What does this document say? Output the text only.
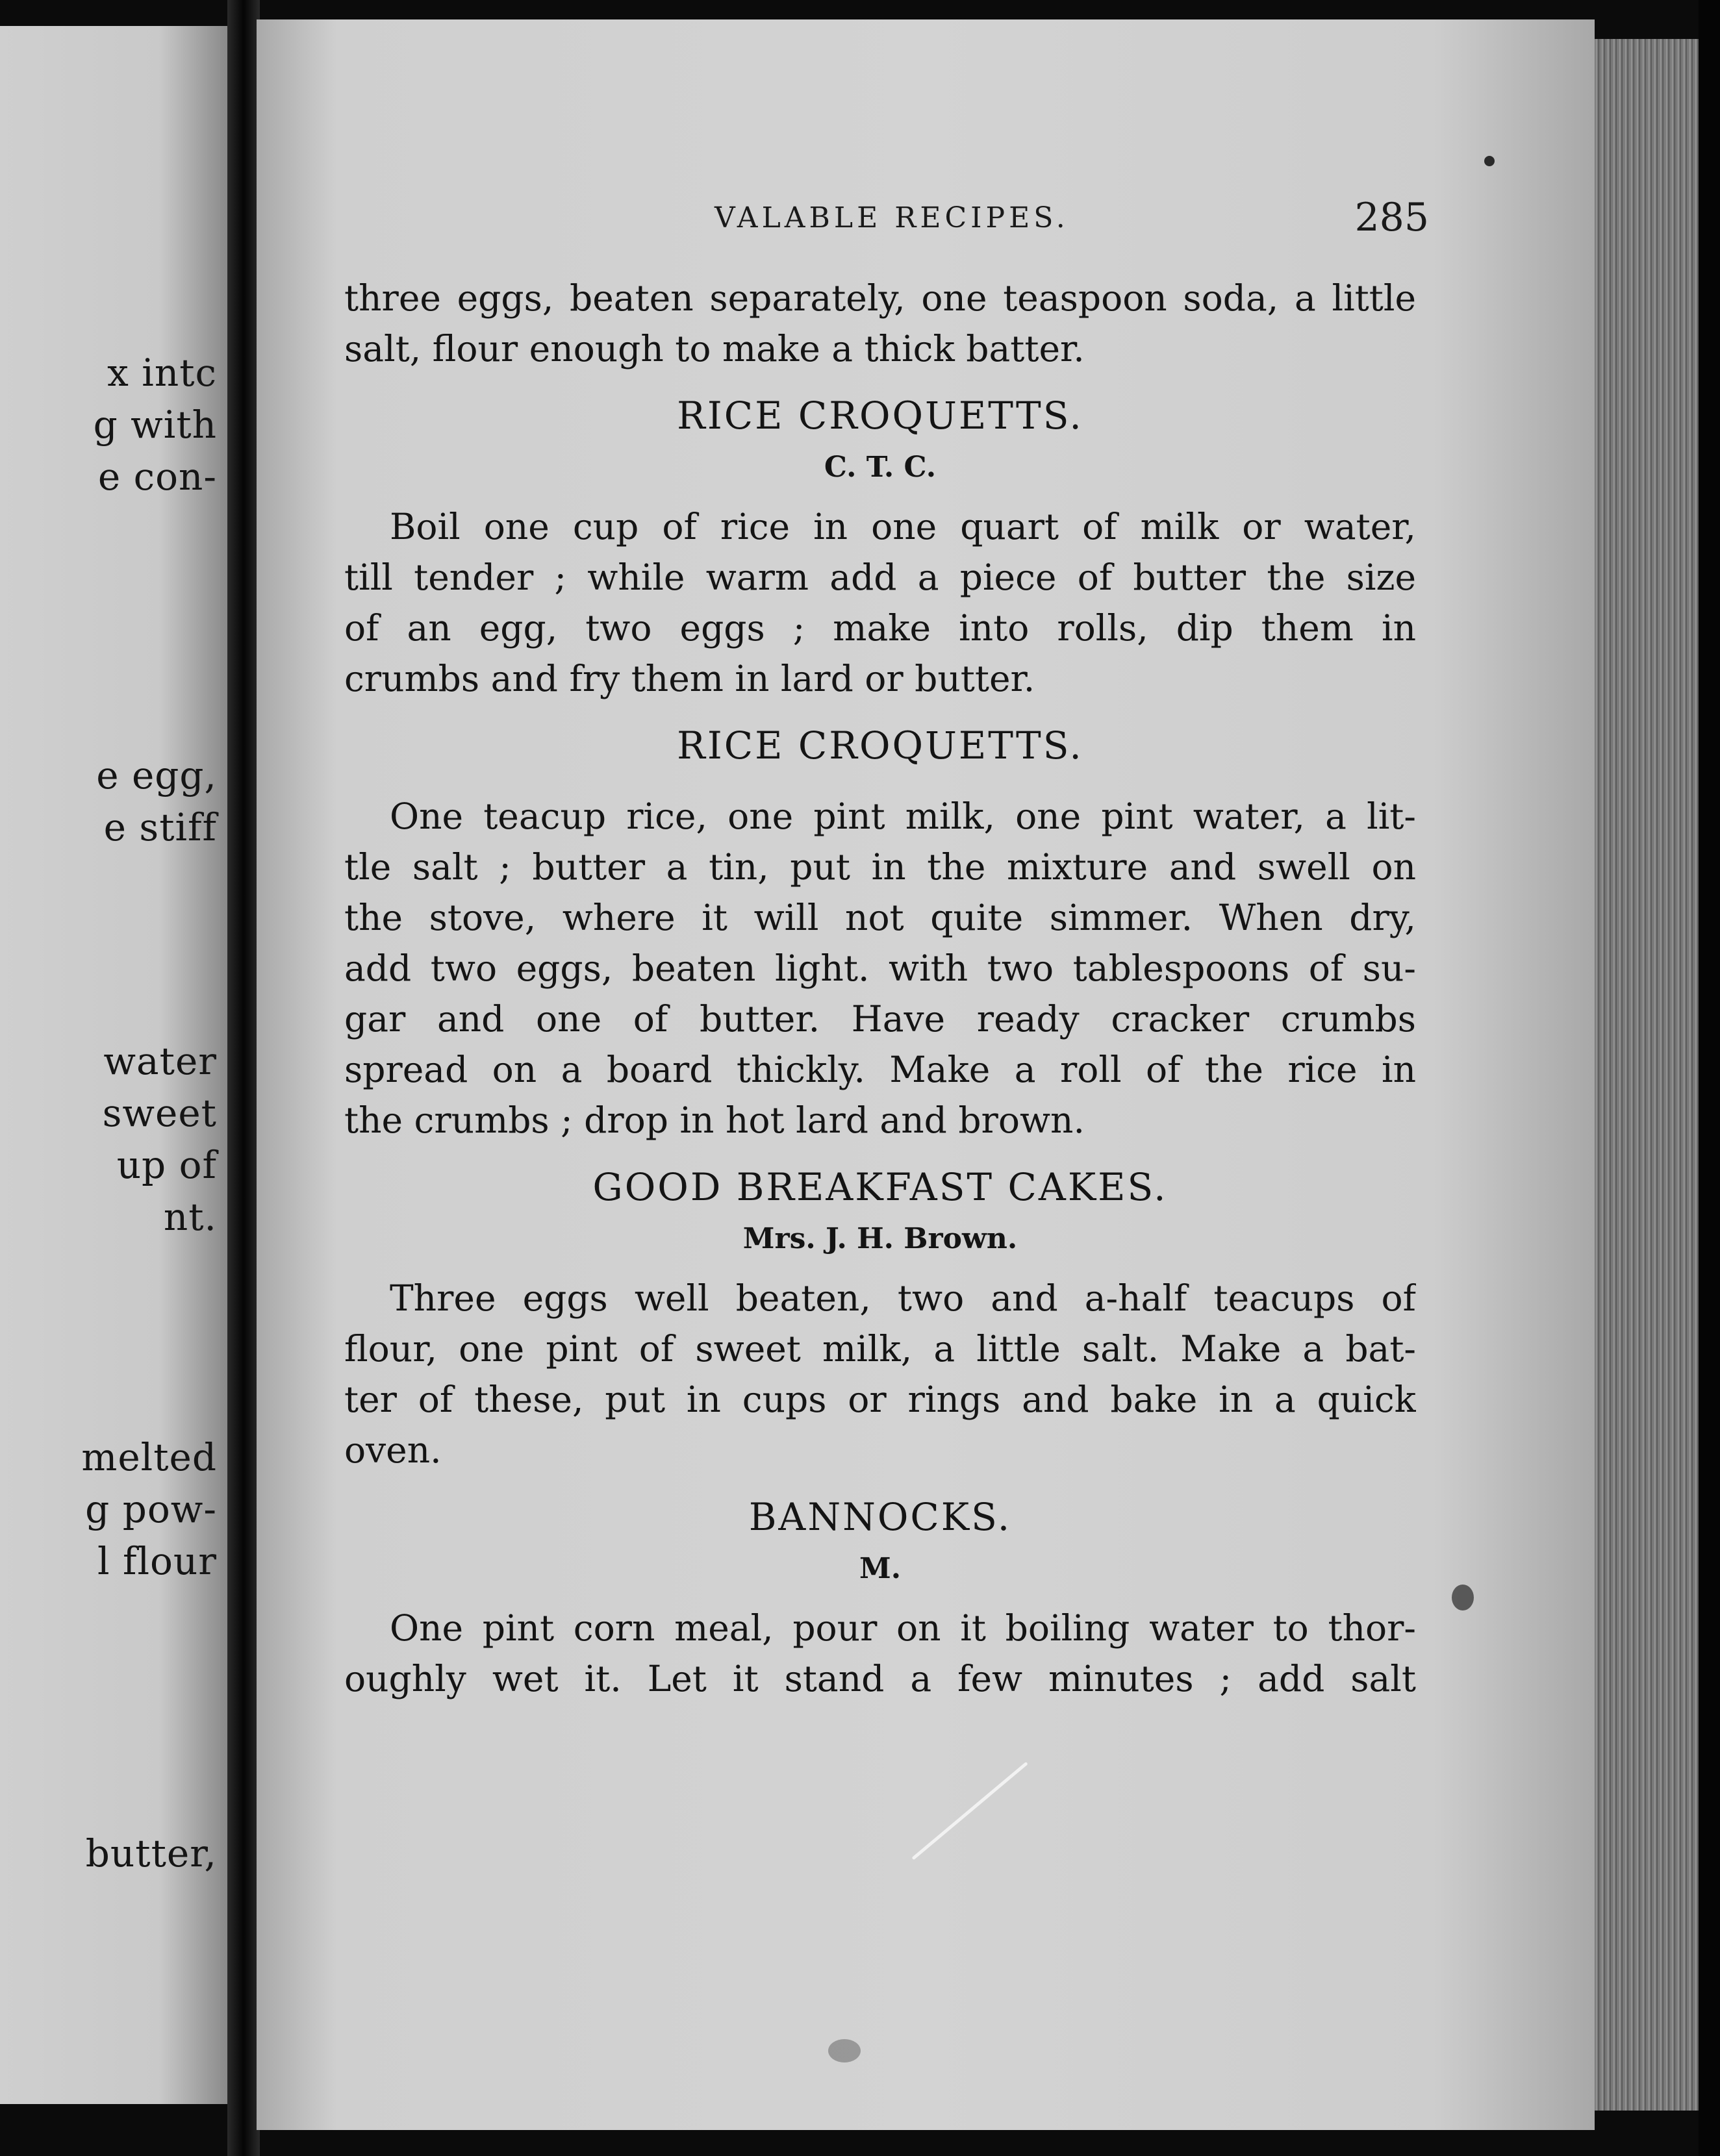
x intc
g with
e con-
e egg,
e stiff
water
sweet
up of
nt.
melted
g pow-
l flour
butter,
VALABLE RECIPES.	285
three eggs, beaten separately, one teaspoon soda, a little
salt, flour enough to make a thick batter.
RICE CROQUETTS.
C. T. C.
Boil one cup of rice in one quart of milk or water,
till tender ; while warm add a piece of butter the size
of an egg, two eggs ; make into rolls, dip them in
crumbs and fry them in lard or butter.
RICE CROQUETTS.
One teacup rice, one pint milk, one pint water, a lit-
tle salt ; butter a tin, put in the mixture and swell on
the stove, where it will not quite simmer. When dry,
add two eggs, beaten light. with two tablespoons of su-
gar and one of butter. Have ready cracker crumbs
spread on a board thickly. Make a roll of the rice in
the crumbs ; drop in hot lard and brown.
GOOD BREAKFAST CAKES.
Mrs. J. H. Brown.
Three eggs well beaten, two and a-half teacups of
flour, one pint of sweet milk, a little salt. Make a bat-
ter of these, put in cups or rings and bake in a quick
oven.
BANNOCKS.
M.
One pint corn meal, pour on it boiling water to thor-
oughly wet it. Let it stand a few minutes ; add salt
